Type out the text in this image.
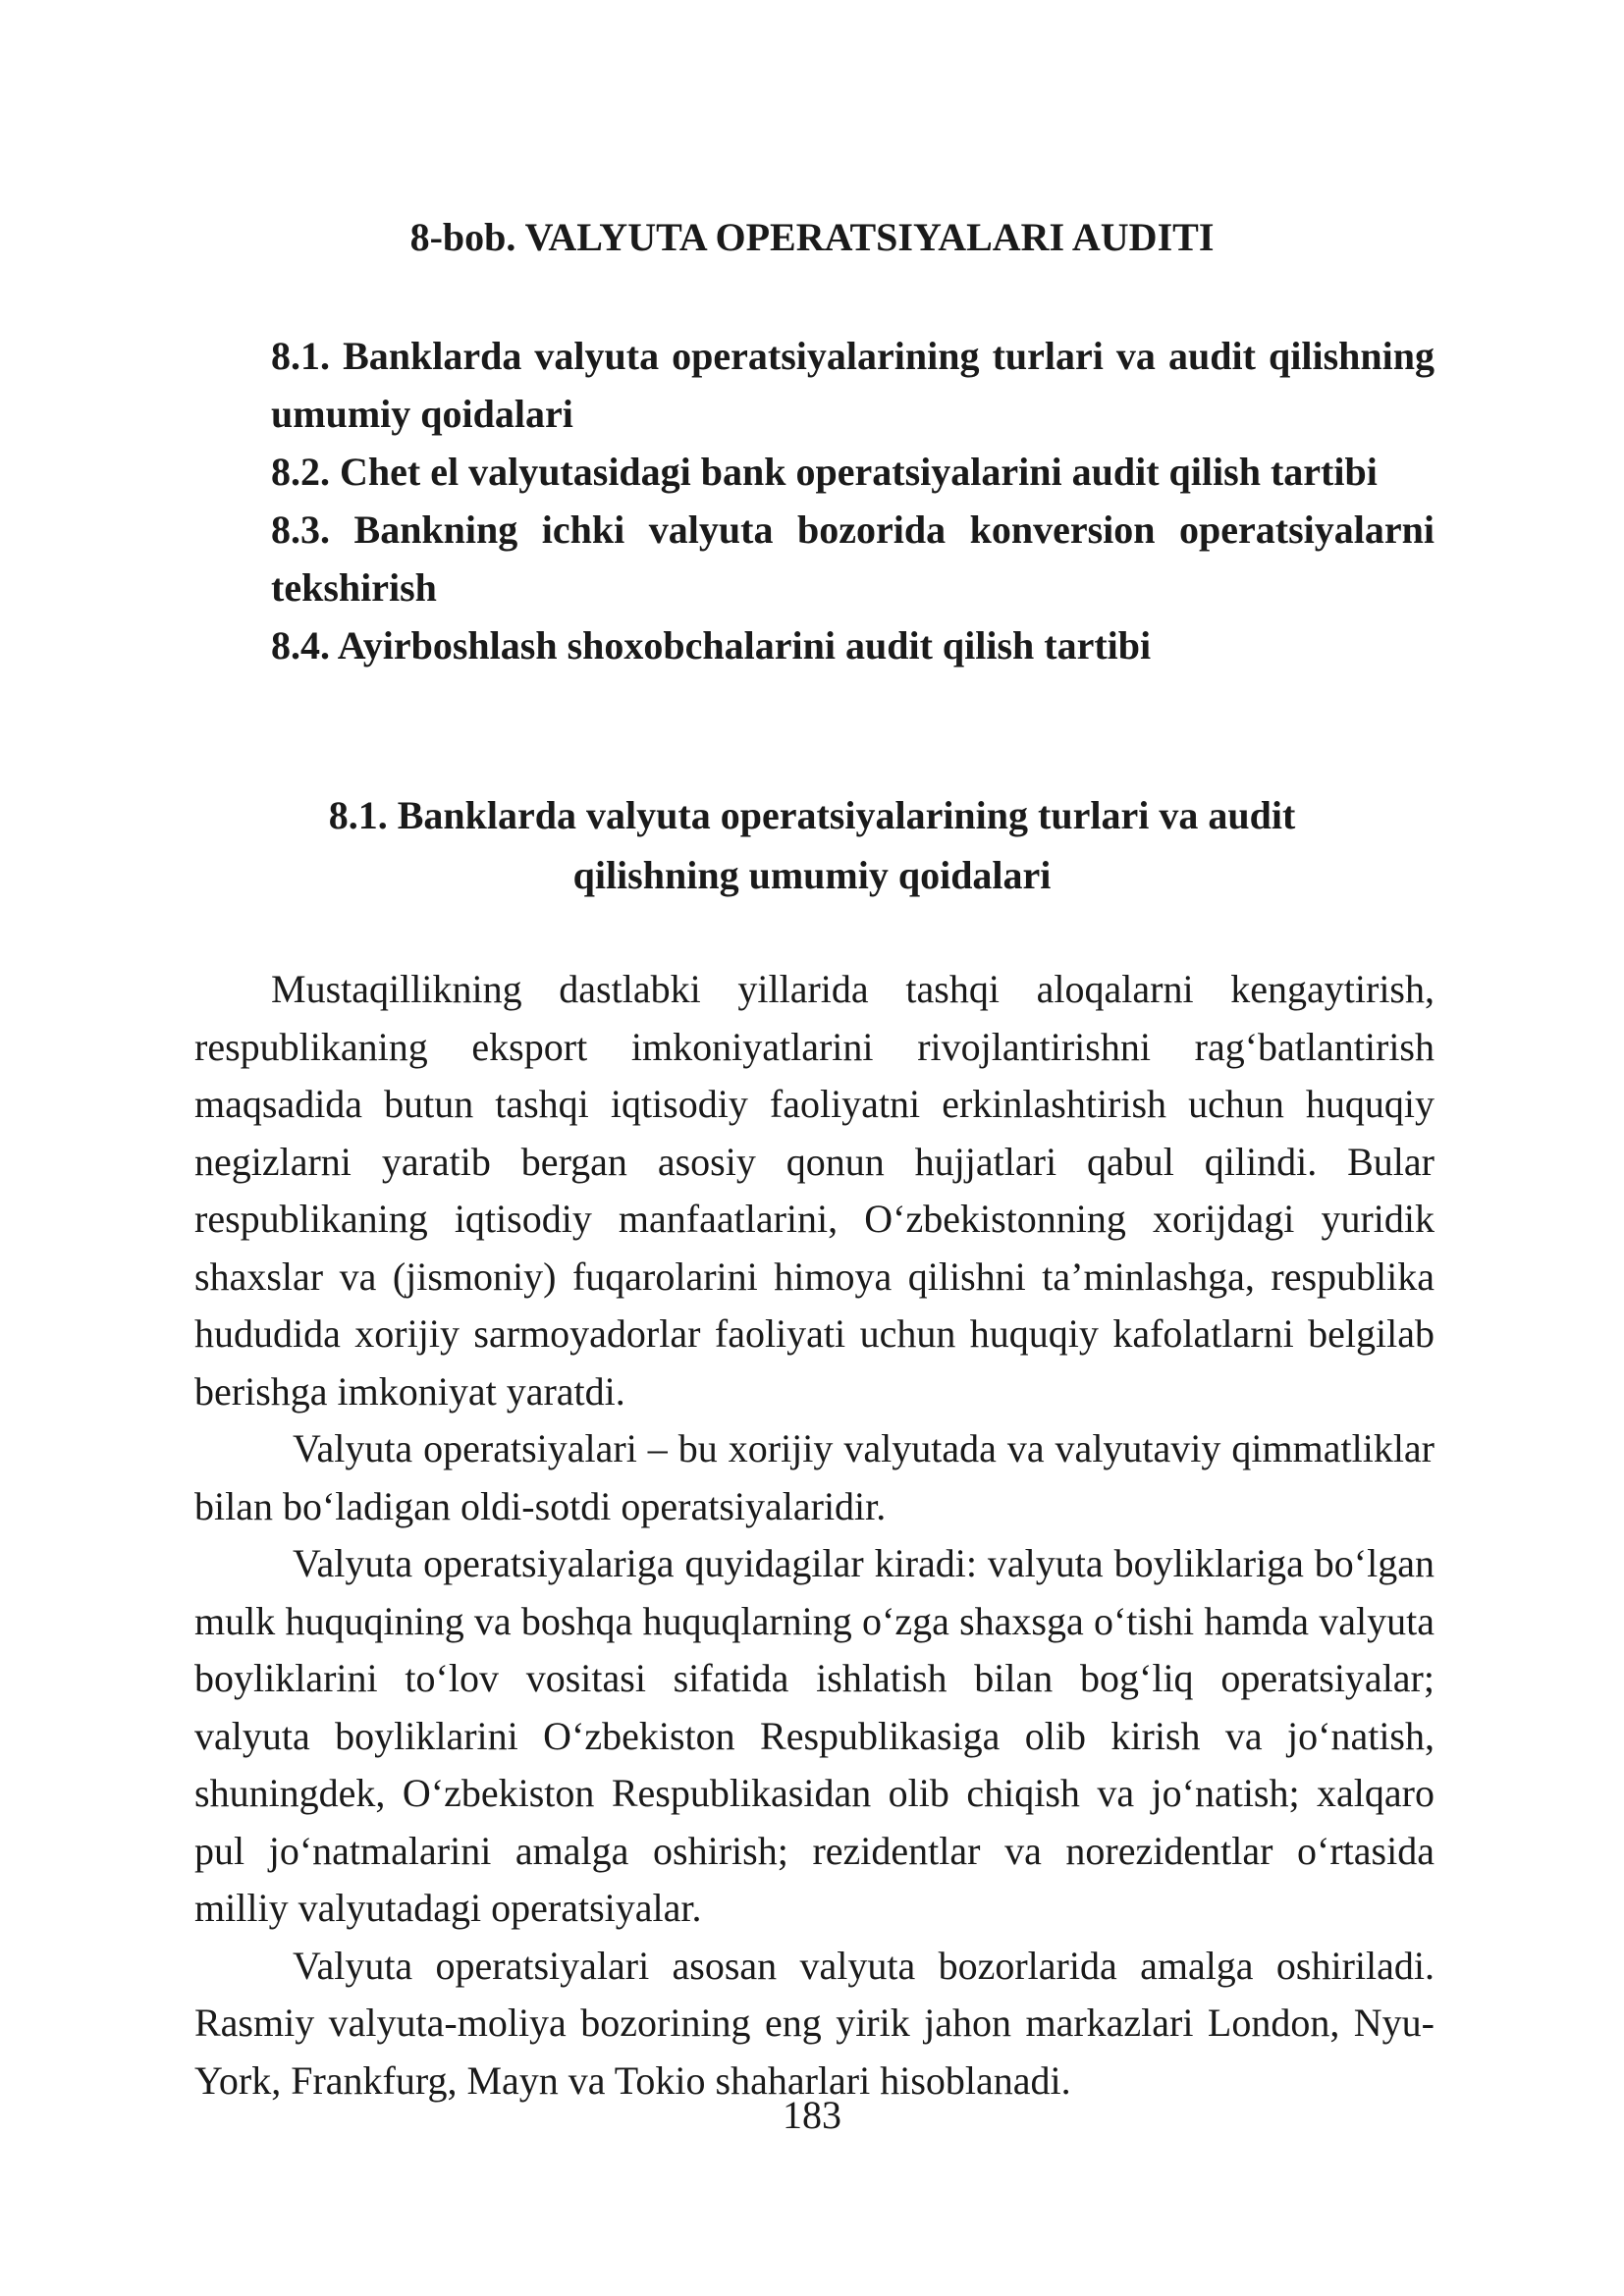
8-bob. VALYUTA OPERATSIYALARI AUDITI
8.1. Banklarda valyuta operatsiyalarining turlari va audit qilishning umumiy qoidalari
8.2. Chet el valyutasidagi bank operatsiyalarini audit qilish tartibi
8.3. Bankning ichki valyuta bozorida konversion operatsiyalarni tekshirish
8.4. Ayirboshlash shoxobchalarini audit qilish tartibi
8.1. Banklarda valyuta operatsiyalarining turlari va audit
qilishning umumiy qoidalari

Mustaqillikning dastlabki yillarida tashqi aloqalarni kengaytirish, respublikaning eksport imkoniyatlarini rivojlantirishni rag‘batlantirish maqsadida butun tashqi iqtisodiy faoliyatni erkinlashtirish uchun huquqiy negizlarni yaratib bergan asosiy qonun hujjatlari qabul qilindi. Bular respublikaning iqtisodiy manfaatlarini, O‘zbekistonning xorijdagi yuridik shaxslar va (jismoniy) fuqarolarini himoya qilishni ta’minlashga, respublika hududida xorijiy sarmoyadorlar faoliyati uchun huquqiy kafolatlarni belgilab berishga imkoniyat yaratdi.

Valyuta operatsiyalari – bu xorijiy valyutada va valyutaviy qimmatliklar bilan bo‘ladigan oldi-sotdi operatsiyalaridir.

Valyuta operatsiyalariga quyidagilar kiradi: valyuta boyliklariga bo‘lgan mulk huquqining va boshqa huquqlarning o‘zga shaxsga o‘tishi hamda valyuta boyliklarini to‘lov vositasi sifatida ishlatish bilan bog‘liq operatsiyalar; valyuta boyliklarini O‘zbekiston Respublikasiga olib kirish va jo‘natish, shuningdek, O‘zbekiston Respublikasidan olib chiqish va jo‘natish; xalqaro pul jo‘natmalarini amalga oshirish; rezidentlar va norezidentlar o‘rtasida milliy valyutadagi operatsiyalar.

Valyuta operatsiyalari asosan valyuta bozorlarida amalga oshiriladi. Rasmiy valyuta-moliya bozorining eng yirik jahon markazlari London, Nyu-York, Frankfurg, Mayn va Tokio shaharlari hisoblanadi.

183
